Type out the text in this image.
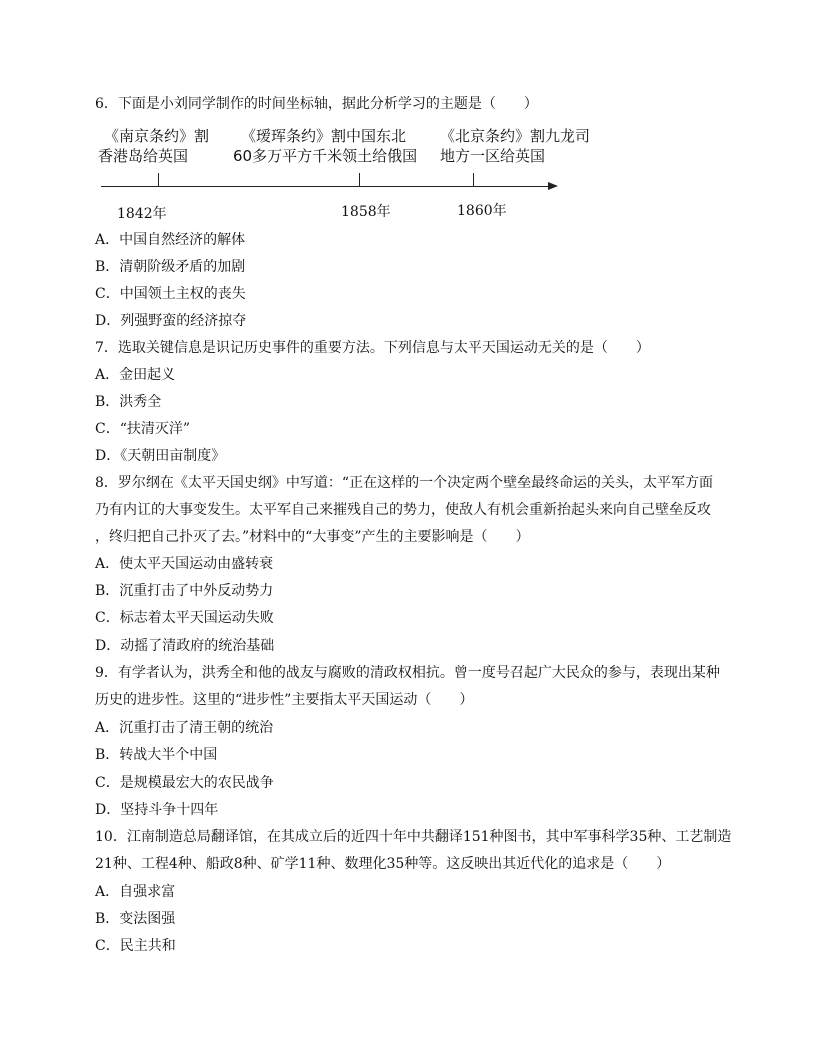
6．下面是小刘同学制作的时间坐标轴，据此分析学习的主题是（　　）
《南京条约》割
香港岛给英国
《瑷珲条约》割中国东北
60多万平方千米领土给俄国
《北京条约》割九龙司
地方一区给英国
1842年	1858年	1860年
A．中国自然经济的解体
B．清朝阶级矛盾的加剧
C．中国领土主权的丧失
D．列强野蛮的经济掠夺
7．选取关键信息是识记历史事件的重要方法。下列信息与太平天国运动无关的是（　　）
A．金田起义
B．洪秀全
C．“扶清灭洋”
D．《天朝田亩制度》
8．罗尔纲在《太平天国史纲》中写道：“正在这样的一个决定两个壁垒最终命运的关头，太平军方面
乃有内讧的大事变发生。太平军自己来摧残自己的势力，使敌人有机会重新抬起头来向自己壁垒反攻
，终归把自己扑灭了去。”材料中的“大事变”产生的主要影响是（　　）
A．使太平天国运动由盛转衰
B．沉重打击了中外反动势力
C．标志着太平天国运动失败
D．动摇了清政府的统治基础
9．有学者认为，洪秀全和他的战友与腐败的清政权相抗。曾一度号召起广大民众的参与，表现出某种
历史的进步性。这里的“进步性”主要指太平天国运动（　　）
A．沉重打击了清王朝的统治
B．转战大半个中国
C．是规模最宏大的农民战争
D．坚持斗争十四年
10．江南制造总局翻译馆，在其成立后的近四十年中共翻译151种图书，其中军事科学35种、工艺制造
21种、工程4种、船政8种、矿学11种、数理化35种等。这反映出其近代化的追求是（　　）
A．自强求富
B．变法图强
C．民主共和
